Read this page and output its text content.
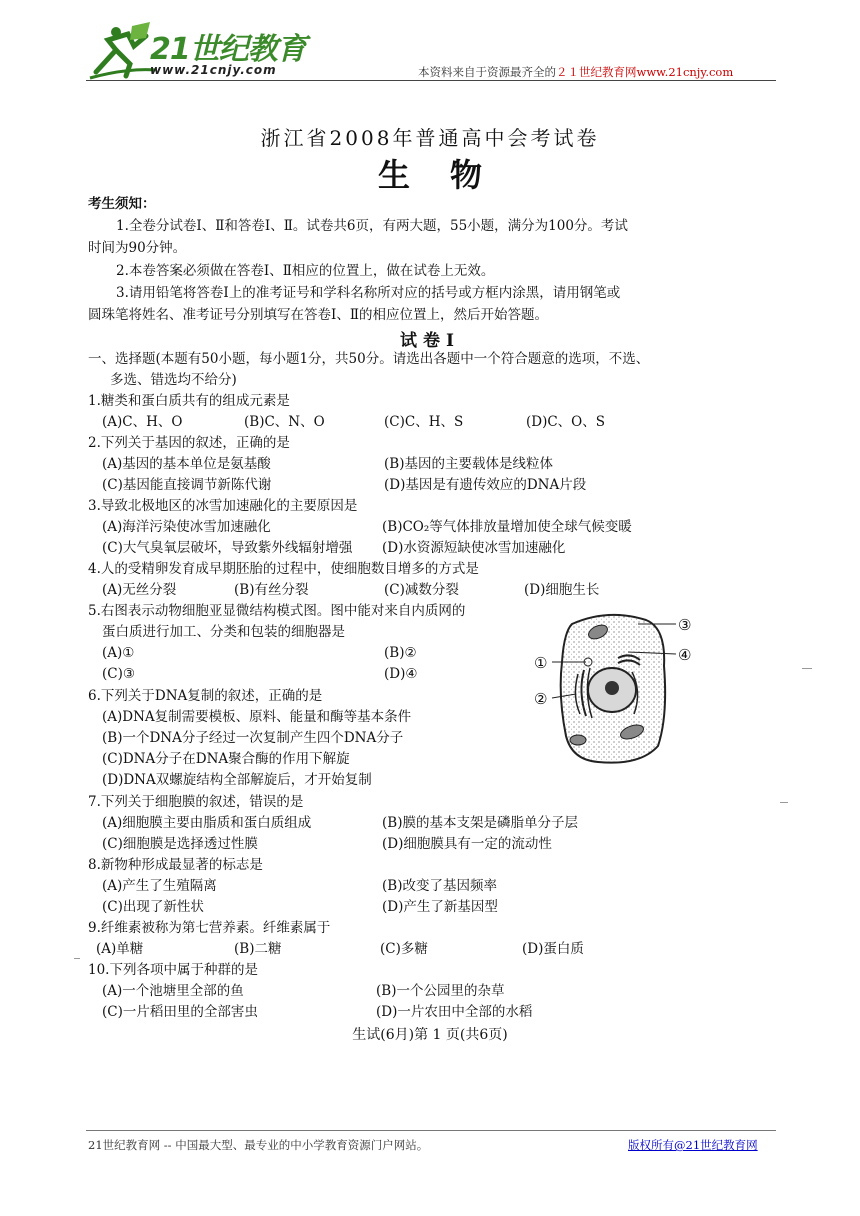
21世纪教育
www.21cnjy.com	本资料来自于资源最齐全的２１世纪教育网www.21cnjy.com
浙江省2008年普通高中会考试卷
生物
考生须知：
1.全卷分试卷Ⅰ、Ⅱ和答卷Ⅰ、Ⅱ。试卷共6页，有两大题，55小题，满分为100分。考试
时间为90分钟。
2.本卷答案必须做在答卷Ⅰ、Ⅱ相应的位置上，做在试卷上无效。
3.请用铅笔将答卷Ⅰ上的准考证号和学科名称所对应的括号或方框内涂黑，请用钢笔或
圆珠笔将姓名、准考证号分别填写在答卷Ⅰ、Ⅱ的相应位置上，然后开始答题。
试卷Ⅰ
一、选择题(本题有50小题，每小题1分，共50分。请选出各题中一个符合题意的选项，不选、
多选、错选均不给分)
1.糖类和蛋白质共有的组成元素是
(A)C、H、O	(B)C、N、O	(C)C、H、S	(D)C、O、S
2.下列关于基因的叙述，正确的是
(A)基因的基本单位是氨基酸	(B)基因的主要载体是线粒体
(C)基因能直接调节新陈代谢	(D)基因是有遗传效应的DNA片段
3.导致北极地区的冰雪加速融化的主要原因是
(A)海洋污染使冰雪加速融化	(B)CO₂等气体排放量增加使全球气候变暖
(C)大气臭氧层破坏，导致紫外线辐射增强 (D)水资源短缺使冰雪加速融化
4.人的受精卵发育成早期胚胎的过程中，使细胞数目增多的方式是
(A)无丝分裂	(B)有丝分裂	(C)减数分裂	(D)细胞生长
5.右图表示动物细胞亚显微结构模式图。图中能对来自内质网的
蛋白质进行加工、分类和包装的细胞器是
(A)①	(B)②
(C)③	(D)④
①
②
③
④
6.下列关于DNA复制的叙述，正确的是
(A)DNA复制需要模板、原料、能量和酶等基本条件
(B)一个DNA分子经过一次复制产生四个DNA分子
(C)DNA分子在DNA聚合酶的作用下解旋
(D)DNA双螺旋结构全部解旋后，才开始复制
7.下列关于细胞膜的叙述，错误的是
(A)细胞膜主要由脂质和蛋白质组成	(B)膜的基本支架是磷脂单分子层
(C)细胞膜是选择透过性膜	(D)细胞膜具有一定的流动性
8.新物种形成最显著的标志是
(A)产生了生殖隔离	(B)改变了基因频率
(C)出现了新性状	(D)产生了新基因型
9.纤维素被称为第七营养素。纤维素属于
(A)单糖	(B)二糖	(C)多糖	(D)蛋白质
10.下列各项中属于种群的是
(A)一个池塘里全部的鱼	(B)一个公园里的杂草
(C)一片稻田里的全部害虫	(D)一片农田中全部的水稻
生试(6月)第 1 页(共6页)
21世纪教育网 -- 中国最大型、最专业的中小学教育资源门户网站。	版权所有@21世纪教育网
